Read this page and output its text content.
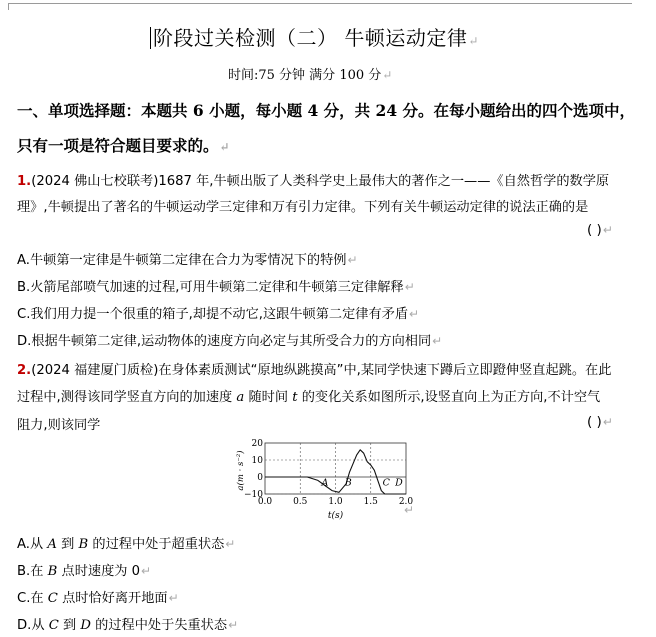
阶段过关检测（二） 牛顿运动定律↵
时间:75 分钟 满分 100 分↵
一、单项选择题：本题共 6 小题，每小题 4 分，共 24 分。在每小题给出的四个选项中，
只有一项是符合题目要求的。↵
1.(2024 佛山七校联考)1687 年,牛顿出版了人类科学史上最伟大的著作之一——《自然哲学的数学原
理》,牛顿提出了著名的牛顿运动学三定律和万有引力定律。下列有关牛顿运动定律的说法正确的是
( )↵
A.牛顿第一定律是牛顿第二定律在合力为零情况下的特例↵
B.火箭尾部喷气加速的过程,可用牛顿第二定律和牛顿第三定律解释↵
C.我们用力提一个很重的箱子,却提不动它,这跟牛顿第二定律有矛盾↵
D.根据牛顿第二定律,运动物体的速度方向必定与其所受合力的方向相同↵
2.(2024 福建厦门质检)在身体素质测试“原地纵跳摸高”中,某同学快速下蹲后立即蹬伸竖直起跳。在此
过程中,测得该同学竖直方向的加速度 a 随时间 t 的变化关系如图所示,设竖直向上为正方向,不计空气
阻力,则该同学	( )↵
20
10
0
−10
0.0 0.5 1.0 1.5 2.0
t(s)
a(m · s⁻²)	A B	C D
↵
A.从 A 到 B 的过程中处于超重状态↵
B.在 B 点时速度为 0↵
C.在 C 点时恰好离开地面↵
D.从 C 到 D 的过程中处于失重状态↵
